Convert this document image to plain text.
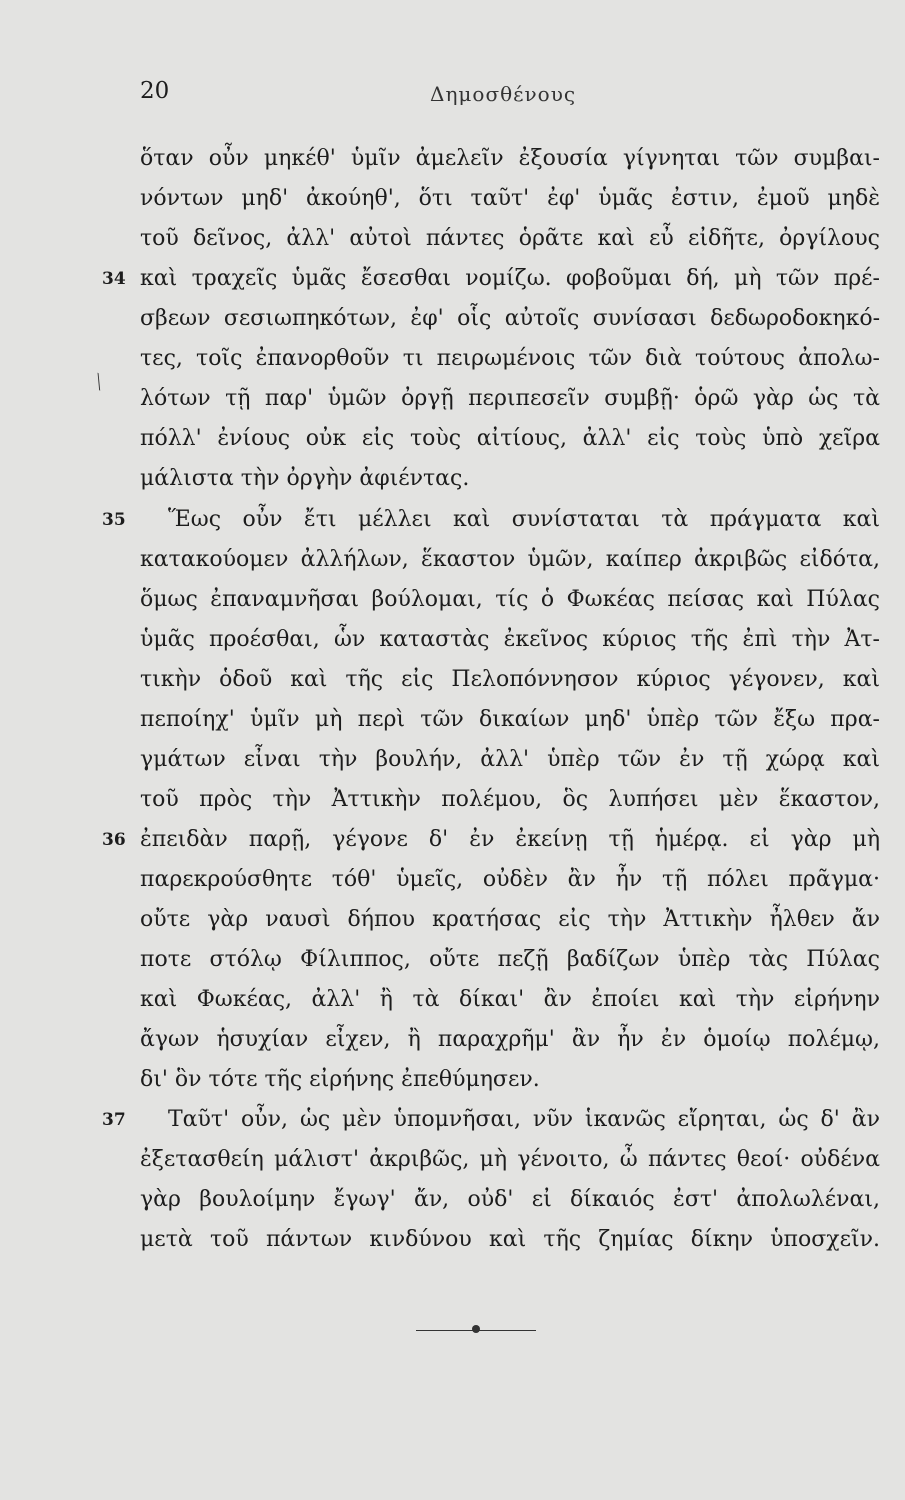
20	Δημοσθένους
ὅταν οὖν μηκέθ' ὑμῖν ἀμελεῖν ἐξουσία γίγνηται τῶν συμβαι-
νόντων μηδ' ἀκούηθ', ὅτι ταῦτ' ἐφ' ὑμᾶς ἐστιν, ἐμοῦ μηδὲ
τοῦ δεῖνος, ἀλλ' αὐτοὶ πάντες ὁρᾶτε καὶ εὖ εἰδῆτε, ὀργίλους
34 καὶ τραχεῖς ὑμᾶς ἔσεσθαι νομίζω. φοβοῦμαι δή, μὴ τῶν πρέ-
σβεων σεσιωπηκότων, ἐφ' οἷς αὐτοῖς συνίσασι δεδωροδοκηκό-
τες, τοῖς ἐπανορθοῦν τι πειρωμένοις τῶν διὰ τούτους ἀπολω-
⟍
λότων τῇ παρ' ὑμῶν ὀργῇ περιπεσεῖν συμβῇ· ὁρῶ γὰρ ὡς τὰ
πόλλ' ἐνίους οὐκ εἰς τοὺς αἰτίους, ἀλλ' εἰς τοὺς ὑπὸ χεῖρα
μάλιστα τὴν ὀργὴν ἀφιέντας.
35 Ἕως οὖν ἔτι μέλλει καὶ συνίσταται τὰ πράγματα καὶ
κατακούομεν ἀλλήλων, ἕκαστον ὑμῶν, καίπερ ἀκριβῶς εἰδότα,
ὅμως ἐπαναμνῆσαι βούλομαι, τίς ὁ Φωκέας πείσας καὶ Πύλας
ὑμᾶς προέσθαι, ὧν καταστὰς ἐκεῖνος κύριος τῆς ἐπὶ τὴν Ἀτ-
τικὴν ὁδοῦ καὶ τῆς εἰς Πελοπόννησον κύριος γέγονεν, καὶ
πεποίηχ' ὑμῖν μὴ περὶ τῶν δικαίων μηδ' ὑπὲρ τῶν ἔξω πρα-
γμάτων εἶναι τὴν βουλήν, ἀλλ' ὑπὲρ τῶν ἐν τῇ χώρᾳ καὶ
τοῦ πρὸς τὴν Ἀττικὴν πολέμου, ὃς λυπήσει μὲν ἕκαστον,
36 ἐπειδὰν παρῇ, γέγονε δ' ἐν ἐκείνῃ τῇ ἡμέρᾳ. εἰ γὰρ μὴ
παρεκρούσθητε τόθ' ὑμεῖς, οὐδὲν ἂν ἦν τῇ πόλει πρᾶγμα·
οὔτε γὰρ ναυσὶ δήπου κρατήσας εἰς τὴν Ἀττικὴν ἦλθεν ἄν
ποτε στόλῳ Φίλιππος, οὔτε πεζῇ βαδίζων ὑπὲρ τὰς Πύλας
καὶ Φωκέας, ἀλλ' ἢ τὰ δίκαι' ἂν ἐποίει καὶ τὴν εἰρήνην
ἄγων ἡσυχίαν εἶχεν, ἢ παραχρῆμ' ἂν ἦν ἐν ὁμοίῳ πολέμῳ,
δι' ὃν τότε τῆς εἰρήνης ἐπεθύμησεν.
37 Ταῦτ' οὖν, ὡς μὲν ὑπομνῆσαι, νῦν ἱκανῶς εἴρηται, ὡς δ' ἂν
ἐξετασθείη μάλιστ' ἀκριβῶς, μὴ γένοιτο, ὦ πάντες θεοί· οὐδένα
γὰρ βουλοίμην ἔγωγ' ἄν, οὐδ' εἰ δίκαιός ἐστ' ἀπολωλέναι,
μετὰ τοῦ πάντων κινδύνου καὶ τῆς ζημίας δίκην ὑποσχεῖν.
